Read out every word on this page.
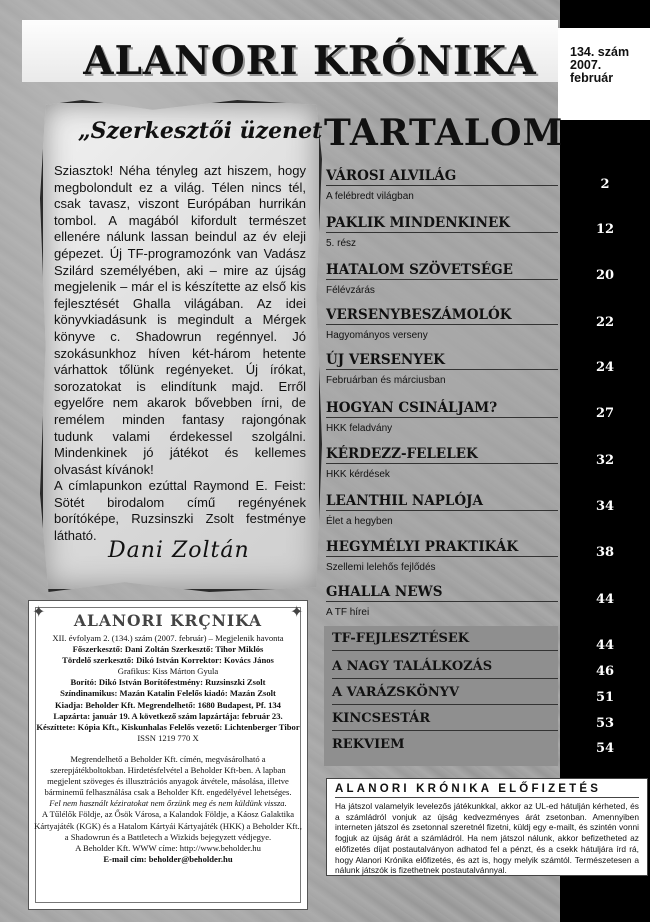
ALANORI KRÓNIKA	134. szám
2007.
február
„Szerkesztői üzenet

Sziasztok! Néha tényleg azt hiszem, hogy megbolondult ez a világ. Télen nincs tél, csak tavasz, viszont Európában hurrikán tombol. A magából kifordult természet ellenére nálunk lassan beindul az év eleji gépezet. Új TF-programozónk van Vadász Szilárd személyében, aki – mire az újság megjelenik – már el is készítette az első kis fejlesztését Ghalla világában. Az idei könyvkiadásunk is megindult a Mérgek könyve c. Shadowrun regénnyel. Jó szokásunkhoz híven két-három hetente várhattok tőlünk regényeket. Új írókat, sorozatokat is elindítunk majd. Erről egyelőre nem akarok bővebben írni, de remélem minden fantasy rajongónak tudunk valami érdekessel szolgálni. Mindenkinek jó játékot és kellemes olvasást kívánok!

A címlapunkon ezúttal Raymond E. Feist: Sötét birodalom című regényének borítóképe, Ruzsinszki Zsolt festménye látható.

Dani Zoltán
TARTALOM
VÁROSI ALVILÁG
A felébredt világban
PAKLIK MINDENKINEK
5. rész
HATALOM SZÖVETSÉGE
Félévzárás
VERSENYBESZÁMOLÓK
Hagyományos verseny
ÚJ VERSENYEK
Februárban és márciusban
HOGYAN CSINÁLJAM?
HKK feladvány
KÉRDEZZ-FELELEK
HKK kérdések
LEANTHIL NAPLÓJA
Élet a hegyben
HEGYMÉLYI PRAKTIKÁK
Szellemi lelehős fejlődés
GHALLA NEWS
A TF hírei
2
12
20
22
24
27
32
34
38
44
TF-FEJLESZTÉSEK
A NAGY TALÁLKOZÁS
A VARÁZSKÖNYV
KINCSESTÁR
REKVIEM
44
46
51
53
54
✦	✦
ALANORI KRÇNIKA

XII. évfolyam 2. (134.) szám (2007. február) – Megjelenik havonta

Főszerkesztő: Dani Zoltán Szerkesztő: Tihor Miklós

Tördelő szerkesztő: Dikó István Korrektor: Kovács János

Grafikus: Kiss Márton Gyula

Borító: Dikó István Borítófestmény: Ruzsinszki Zsolt

Színdinamikus: Mazán Katalin Felelős kiadó: Mazán Zsolt

Kiadja: Beholder Kft. Megrendelhető: 1680 Budapest, Pf. 134

Lapzárta: január 19. A következő szám lapzártája: február 23.

Készíttete: Kópia Kft., Kiskunhalas Felelős vezető: Lichtenberger Tibor

ISSN 1219 770 X

Megrendelhető a Beholder Kft. címén, megvásárolható a szerepjátékboltokban. Hirdetésfelvétel a Beholder Kft-ben. A lapban megjelent szöveges és illusztrációs anyagok átvétele, másolása, illetve bárminemű felhasználása csak a Beholder Kft. engedélyével lehetséges.

Fel nem használt kéziratokat nem őrzünk meg és nem küldünk vissza.

A Tűlélők Földje, az Ősök Városa, a Kalandok Földje, a Káosz Galaktika Kártyajáték (KGK) és a Hatalom Kártyái Kártyajáték (HKK) a Beholder Kft., a Shadowrun és a Battletech a Wizkids bejegyzett védjegye.

A Beholder Kft. WWW címe: http://www.beholder.hu

E-mail cím: beholder@beholder.hu

ALANORI KRÓNIKA ELŐFIZETÉS
Ha játszol valamelyik levelezős játékunkkal, akkor az UL-ed hátulján kérheted, és a számládról vonjuk az újság kedvezményes árát zsetonban. Amennyiben interneten játszol és zsetonnal szeretnél fizetni, küldj egy e-mailt, és szintén vonni fogjuk az újság árát a számládról. Ha nem játszol nálunk, akkor befizetheted az előfizetés díjat postautalványon adhatod fel a pénzt, és a csekk hátuljára írd rá, hogy Alanori Krónika előfizetés, és azt is, hogy melyik számtól. Természetesen a nálunk játszók is fizethetnek postautalvánnyal.
